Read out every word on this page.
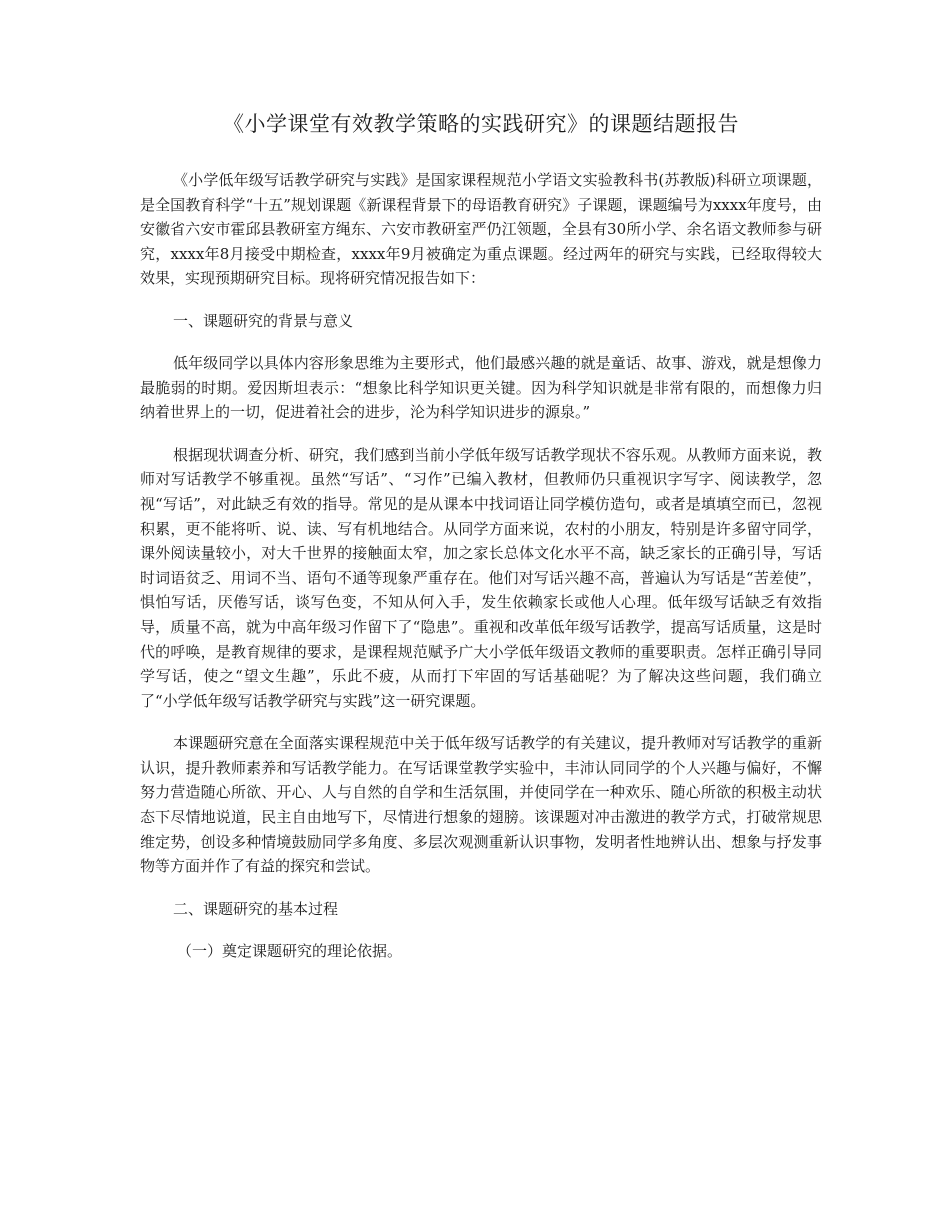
《小学课堂有效教学策略的实践研究》的课题结题报告

《小学低年级写话教学研究与实践》是国家课程规范小学语文实验教科书(苏教版)科研立项课题，是全国教育科学“十五”规划课题《新课程背景下的母语教育研究》子课题，课题编号为xxxx年度号，由安徽省六安市霍邱县教研室方绳东、六安市教研室严仍江领题，全县有30所小学、余名语文教师参与研究，xxxx年8月接受中期检查，xxxx年9月被确定为重点课题。经过两年的研究与实践，已经取得较大效果，实现预期研究目标。现将研究情况报告如下：

一、课题研究的背景与意义

低年级同学以具体内容形象思维为主要形式，他们最感兴趣的就是童话、故事、游戏，就是想像力最脆弱的时期。爱因斯坦表示：“想象比科学知识更关键。因为科学知识就是非常有限的，而想像力归纳着世界上的一切，促进着社会的进步，沦为科学知识进步的源泉。”

根据现状调查分析、研究，我们感到当前小学低年级写话教学现状不容乐观。从教师方面来说，教师对写话教学不够重视。虽然“写话”、“习作”已编入教材，但教师仍只重视识字写字、阅读教学，忽视“写话”，对此缺乏有效的指导。常见的是从课本中找词语让同学模仿造句，或者是填填空而已，忽视积累，更不能将听、说、读、写有机地结合。从同学方面来说，农村的小朋友，特别是许多留守同学，课外阅读量较小，对大千世界的接触面太窄，加之家长总体文化水平不高，缺乏家长的正确引导，写话时词语贫乏、用词不当、语句不通等现象严重存在。他们对写话兴趣不高，普遍认为写话是“苦差使”，惧怕写话，厌倦写话，谈写色变，不知从何入手，发生依赖家长或他人心理。低年级写话缺乏有效指导，质量不高，就为中高年级习作留下了“隐患”。重视和改革低年级写话教学，提高写话质量，这是时代的呼唤，是教育规律的要求，是课程规范赋予广大小学低年级语文教师的重要职责。怎样正确引导同学写话，使之“望文生趣”，乐此不疲，从而打下牢固的写话基础呢？为了解决这些问题，我们确立了“小学低年级写话教学研究与实践”这一研究课题。

本课题研究意在全面落实课程规范中关于低年级写话教学的有关建议，提升教师对写话教学的重新认识，提升教师素养和写话教学能力。在写话课堂教学实验中，丰沛认同同学的个人兴趣与偏好，不懈努力营造随心所欲、开心、人与自然的自学和生活氛围，并使同学在一种欢乐、随心所欲的积极主动状态下尽情地说道，民主自由地写下，尽情进行想象的翅膀。该课题对冲击激进的教学方式，打破常规思维定势，创设多种情境鼓励同学多角度、多层次观测重新认识事物，发明者性地辨认出、想象与抒发事物等方面并作了有益的探究和尝试。

二、课题研究的基本过程
（一）奠定课题研究的理论依据。
